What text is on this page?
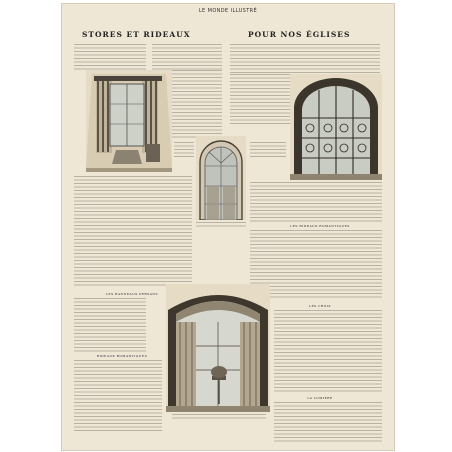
LE MONDE ILLUSTRÉ
STORES ET RIDEAUX	POUR NOS ÉGLISES
LES RIDEAUX ROMANTIQUES
LES BANNEAUX PERSANS
RIDEAUX ROMANTIQUES
LES CROIX
LA LUMIÈRE
